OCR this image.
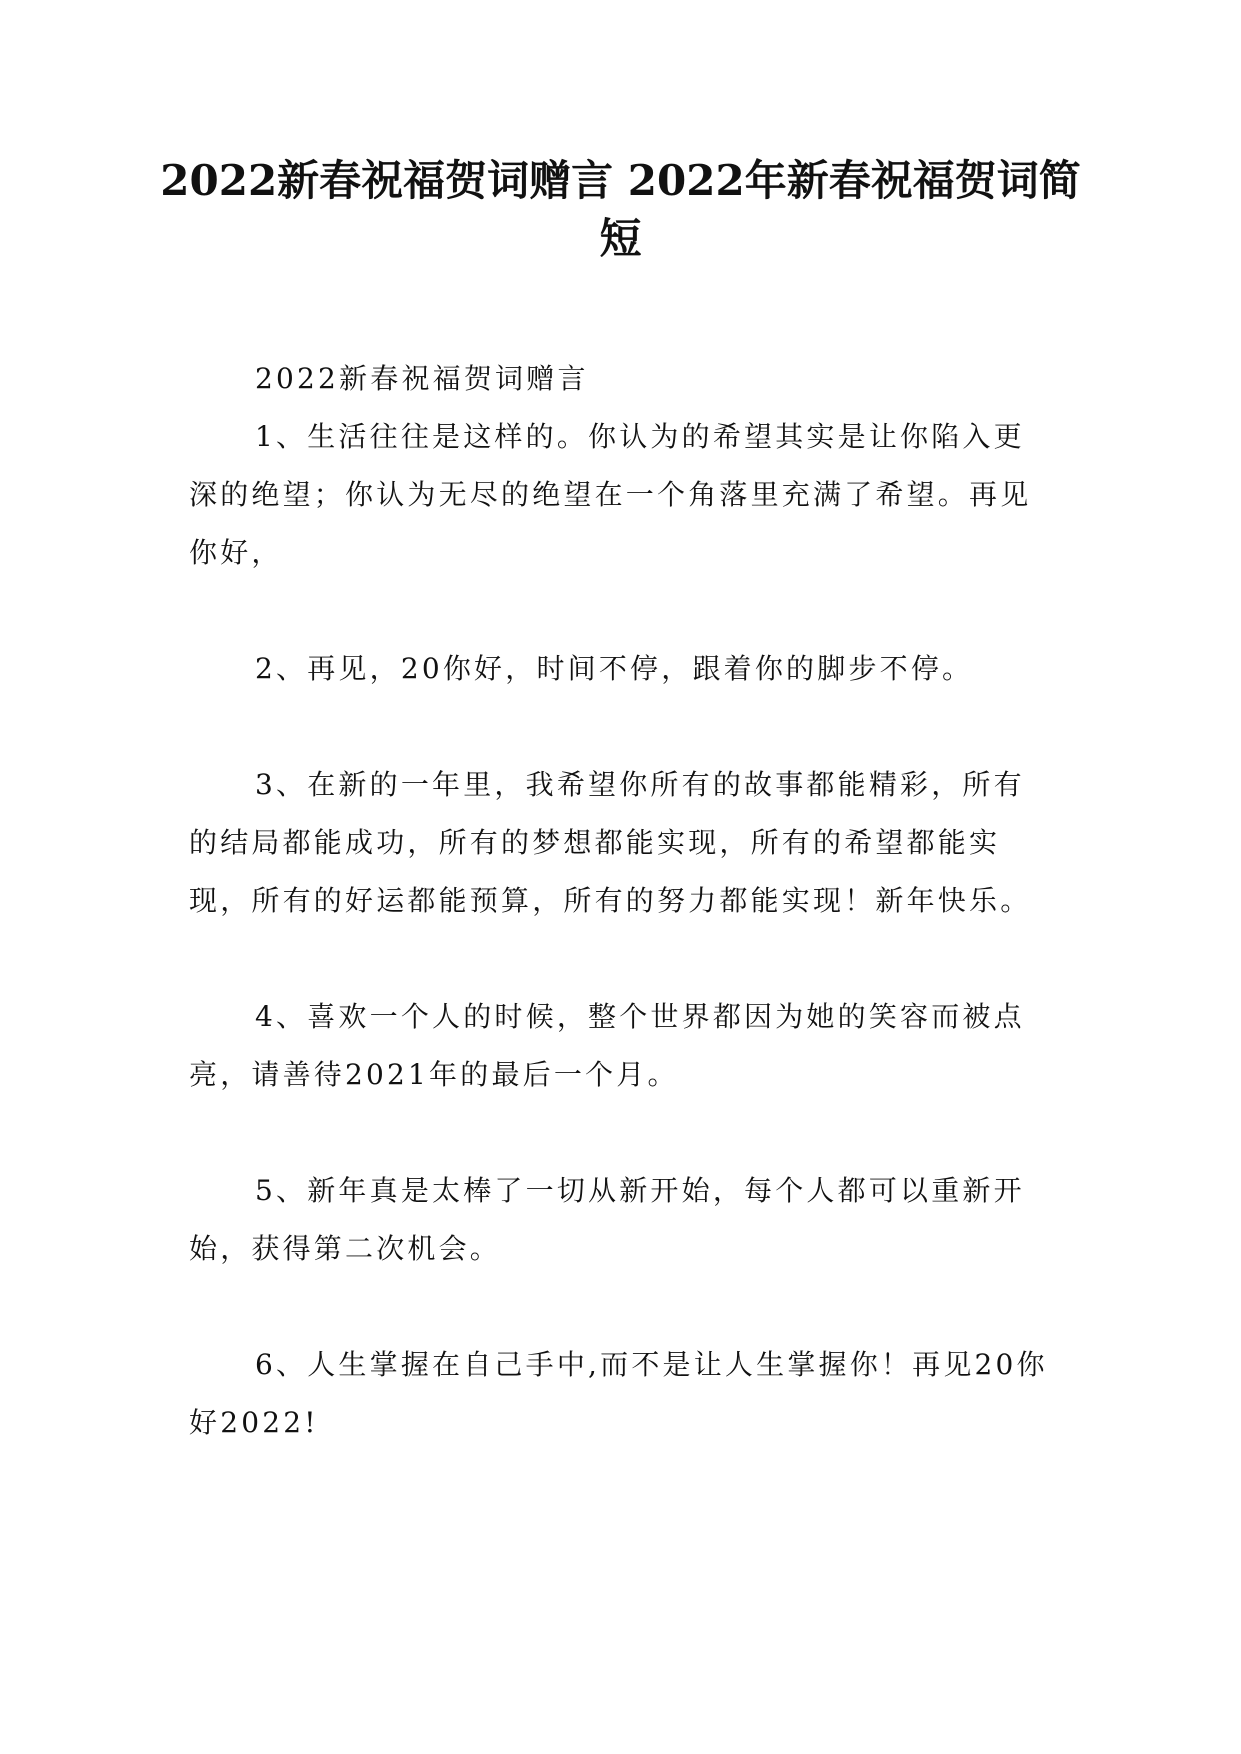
2022新春祝福贺词赠言 2022年新春祝福贺词简短

2022新春祝福贺词赠言

1、生活往往是这样的。你认为的希望其实是让你陷入更深的绝望；你认为无尽的绝望在一个角落里充满了希望。再见你好，

2、再见，20你好，时间不停，跟着你的脚步不停。

3、在新的一年里，我希望你所有的故事都能精彩，所有的结局都能成功，所有的梦想都能实现，所有的希望都能实现，所有的好运都能预算，所有的努力都能实现！新年快乐。

4、喜欢一个人的时候，整个世界都因为她的笑容而被点亮，请善待2021年的最后一个月。

5、新年真是太棒了一切从新开始，每个人都可以重新开始，获得第二次机会。

6、人生掌握在自己手中,而不是让人生掌握你！再见20你好2022!
